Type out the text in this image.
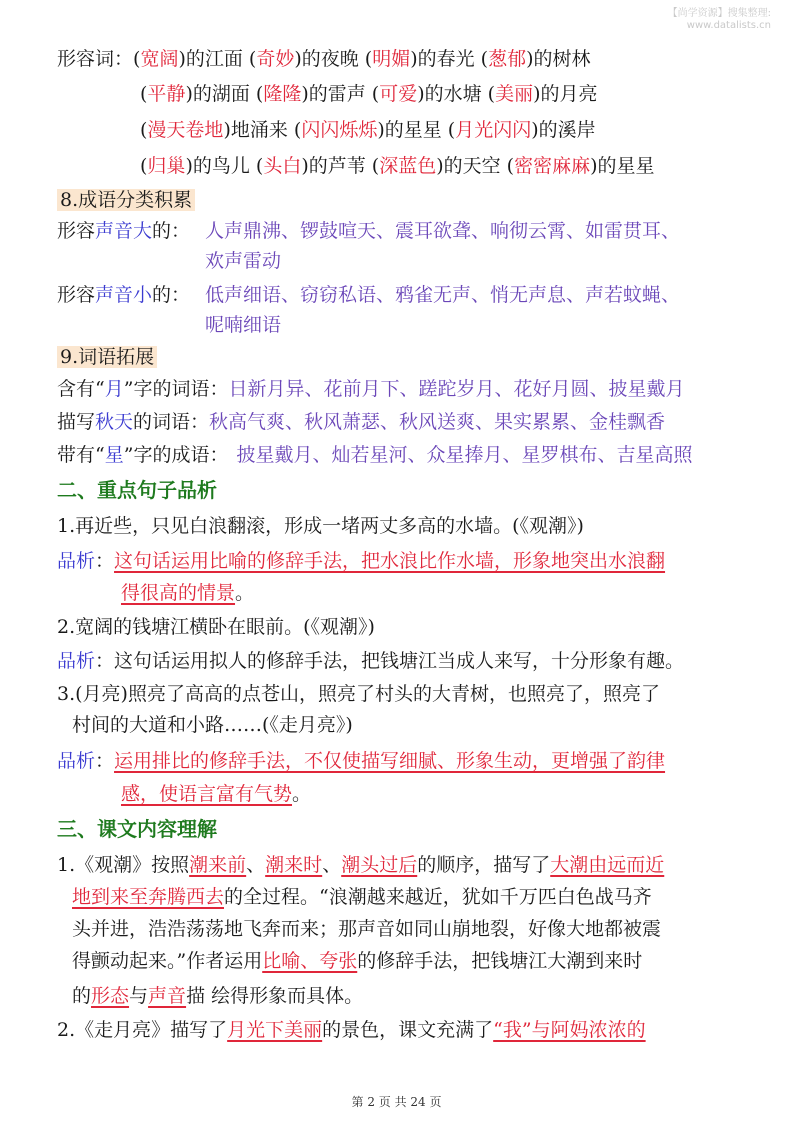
【尚学资源】搜集整理:
www.datalists.cn
形容词：(宽阔)的江面 (奇妙)的夜晚 (明媚)的春光 (葱郁)的树林
(平静)的湖面 (隆隆)的雷声 (可爱)的水塘 (美丽)的月亮
(漫天卷地)地涌来 (闪闪烁烁)的星星 (月光闪闪)的溪岸
(归巢)的鸟儿 (头白)的芦苇 (深蓝色)的天空 (密密麻麻)的星星
8.成语分类积累
形容声音大的： 人声鼎沸、锣鼓喧天、震耳欲聋、响彻云霄、如雷贯耳、
欢声雷动
形容声音小的： 低声细语、窃窃私语、鸦雀无声、悄无声息、声若蚊蝇、
呢喃细语
9.词语拓展
含有“月”字的词语：日新月异、花前月下、蹉跎岁月、花好月圆、披星戴月
描写秋天的词语：秋高气爽、秋风萧瑟、秋风送爽、果实累累、金桂飘香
带有“星”字的成语： 披星戴月、灿若星河、众星捧月、星罗棋布、吉星高照
二、重点句子品析
1.再近些，只见白浪翻滚，形成一堵两丈多高的水墙。(《观潮》)
品析：这句话运用比喻的修辞手法，把水浪比作水墙，形象地突出水浪翻
得很高的情景。
2.宽阔的钱塘江横卧在眼前。(《观潮》)
品析：这句话运用拟人的修辞手法，把钱塘江当成人来写，十分形象有趣。
3.(月亮)照亮了高高的点苍山，照亮了村头的大青树，也照亮了，照亮了
村间的大道和小路……(《走月亮》)
品析：运用排比的修辞手法，不仅使描写细腻、形象生动，更增强了韵律
感，使语言富有气势。
三、课文内容理解
1.《观潮》按照潮来前、潮来时、潮头过后的顺序，描写了大潮由远而近
地到来至奔腾西去的全过程。“浪潮越来越近，犹如千万匹白色战马齐
头并进，浩浩荡荡地飞奔而来；那声音如同山崩地裂，好像大地都被震
得颤动起来。”作者运用比喻、夸张的修辞手法，把钱塘江大潮到来时
的形态与声音描 绘得形象而具体。
2.《走月亮》描写了月光下美丽的景色，课文充满了“我”与阿妈浓浓的
第 2 页 共 24 页
